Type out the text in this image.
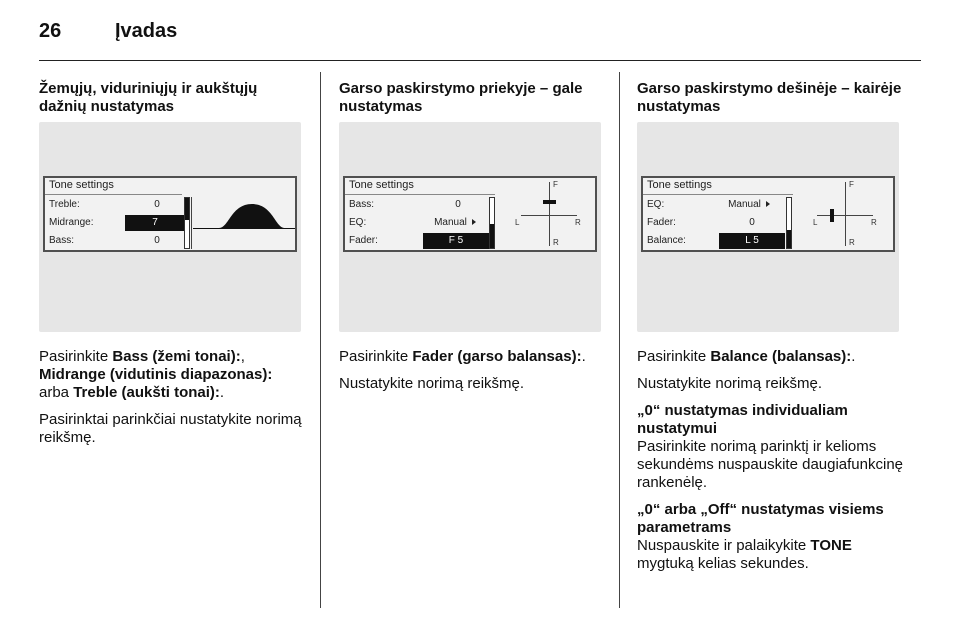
26	Įvadas

Žemųjų, viduriniųjų ir aukštųjų dažnių nustatymas

Tone settings
Treble:	0
Midrange:	7
Bass:	0

Pasirinkite Bass (žemi tonai):,
Midrange (vidutinis diapazonas):
arba Treble (aukšti tonai):.

Pasirinktai parinkčiai nustatykite norimą reikšmę.

Garso paskirstymo priekyje – gale nustatymas

Tone settings
Bass:	0
EQ:	Manual
Fader:	F 5
F
R
L	R

Pasirinkite Fader (garso balansas):.

Nustatykite norimą reikšmę.

Garso paskirstymo dešinėje – kairėje nustatymas

Tone settings
EQ:	Manual
Fader:	0
Balance:	L 5
F
R
L	R

Pasirinkite Balance (balansas):.

Nustatykite norimą reikšmę.

„0“ nustatymas individualiam nustatymui

Pasirinkite norimą parinktį ir kelioms sekundėms nuspauskite daugiafunkcinę rankenėlę.

„0“ arba „Off“ nustatymas visiems parametrams

Nuspauskite ir palaikykite TONE mygtuką kelias sekundes.
